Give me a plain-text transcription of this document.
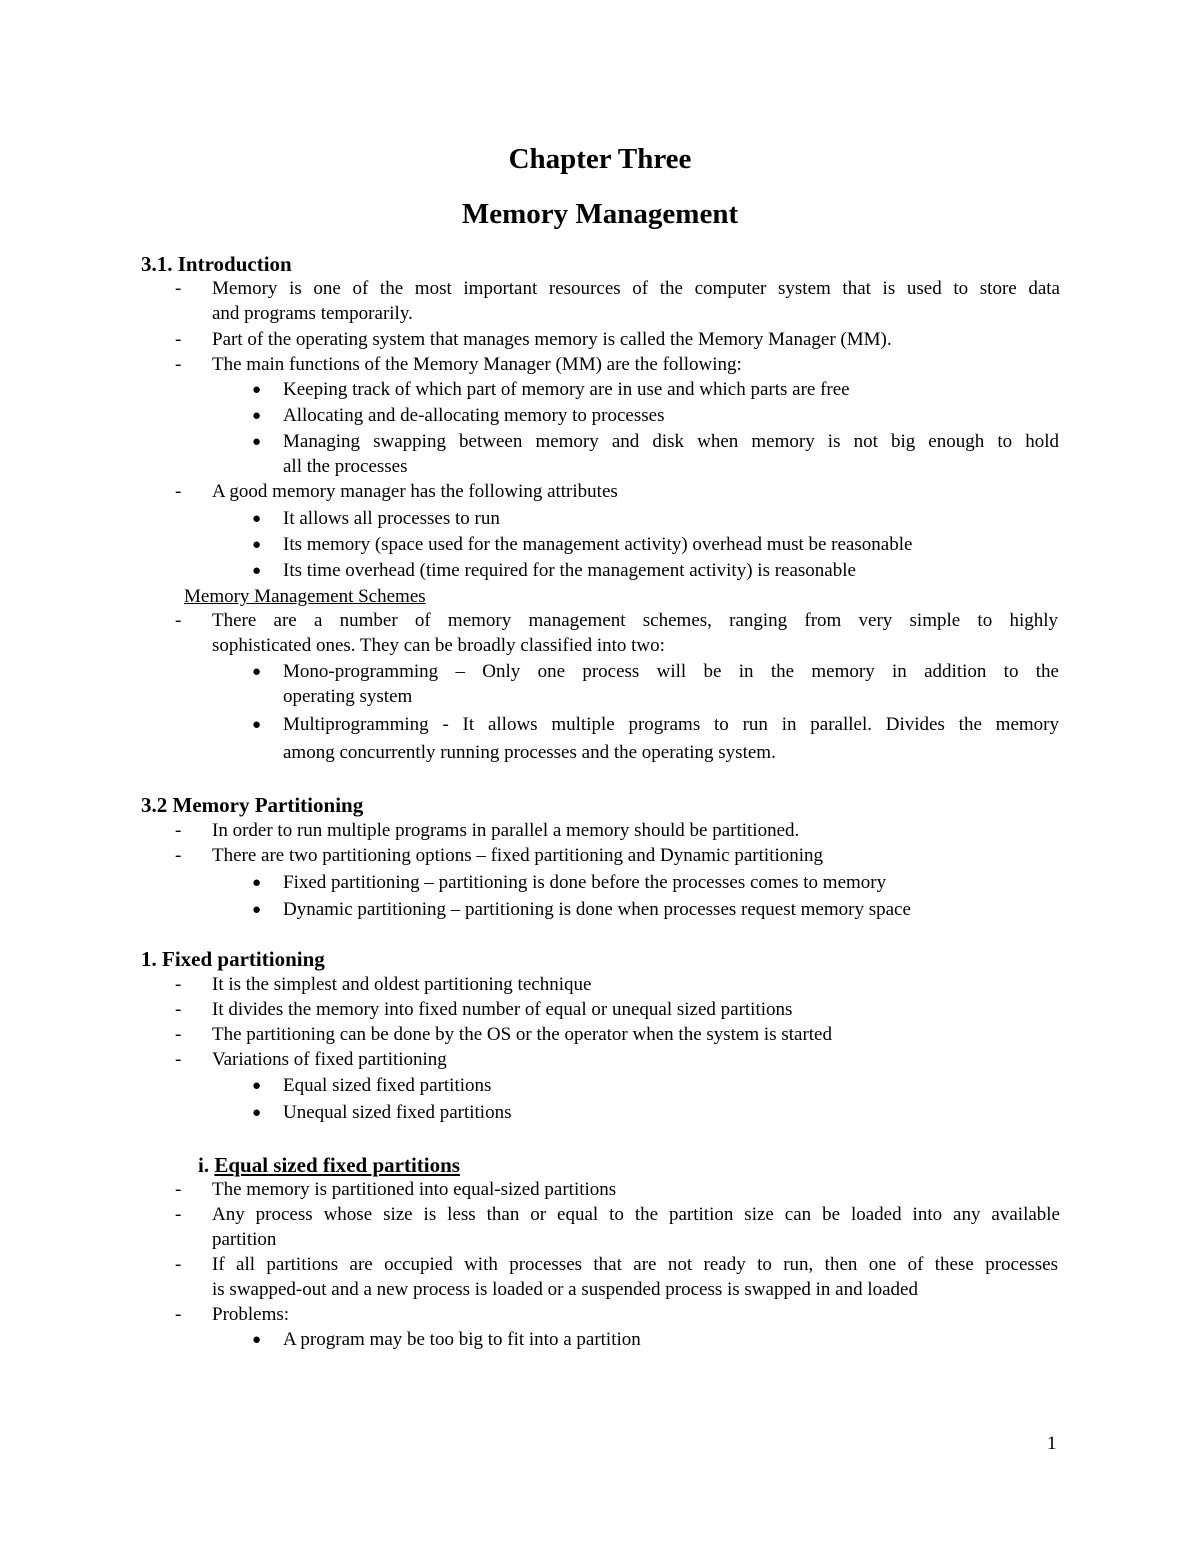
Chapter Three
Memory Management
3.1. Introduction
- Memory is one of the most important resources of the computer system that is used to store data
and programs temporarily.
- Part of the operating system that manages memory is called the Memory Manager (MM).
- The main functions of the Memory Manager (MM) are the following:
● Keeping track of which part of memory are in use and which parts are free
● Allocating and de-allocating memory to processes
● Managing swapping between memory and disk when memory is not big enough to hold
all the processes
- A good memory manager has the following attributes
● It allows all processes to run
● Its memory (space used for the management activity) overhead must be reasonable
● Its time overhead (time required for the management activity) is reasonable
Memory Management Schemes
- There are a number of memory management schemes, ranging from very simple to highly
sophisticated ones. They can be broadly classified into two:
● Mono-programming – Only one process will be in the memory in addition to the
operating system
● Multiprogramming - It allows multiple programs to run in parallel. Divides the memory
among concurrently running processes and the operating system.
3.2 Memory Partitioning
- In order to run multiple programs in parallel a memory should be partitioned.
- There are two partitioning options – fixed partitioning and Dynamic partitioning
● Fixed partitioning – partitioning is done before the processes comes to memory
● Dynamic partitioning – partitioning is done when processes request memory space
1. Fixed partitioning
- It is the simplest and oldest partitioning technique
- It divides the memory into fixed number of equal or unequal sized partitions
- The partitioning can be done by the OS or the operator when the system is started
- Variations of fixed partitioning
● Equal sized fixed partitions
● Unequal sized fixed partitions
i. Equal sized fixed partitions
- The memory is partitioned into equal-sized partitions
- Any process whose size is less than or equal to the partition size can be loaded into any available
partition
- If all partitions are occupied with processes that are not ready to run, then one of these processes
is swapped-out and a new process is loaded or a suspended process is swapped in and loaded
- Problems:
● A program may be too big to fit into a partition
1
